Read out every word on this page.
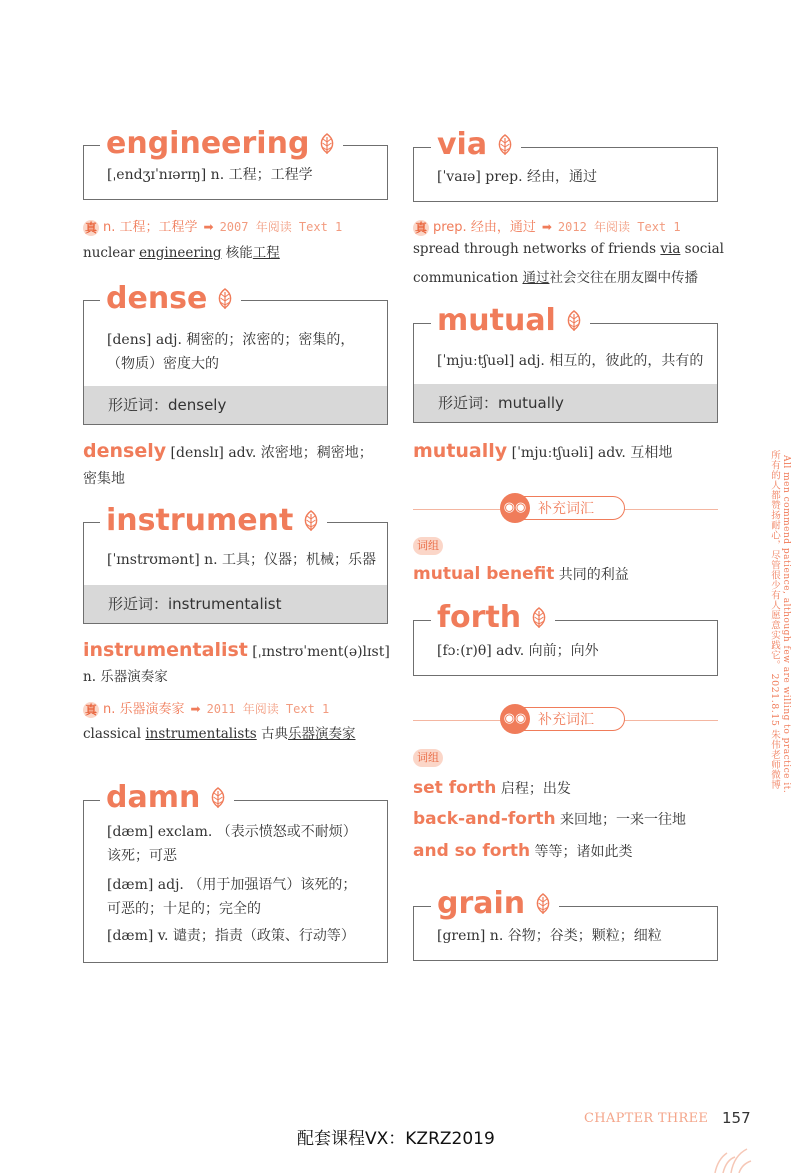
engineering
[ˌendʒɪˈnɪərɪŋ] n. 工程；工程学
真 n. 工程；工程学 ➡ 2007 年阅读 Text 1
nuclear engineering 核能工程
形近词：densely
dense
[dens] adj. 稠密的；浓密的；密集的，
（物质）密度大的
densely [denslɪ] adv. 浓密地；稠密地；
密集地
形近词：instrumentalist
instrument
[ˈɪnstrʊmənt] n. 工具；仪器；机械；乐器
instrumentalist [ˌɪnstrʊˈment(ə)lɪst]
n. 乐器演奏家
真 n. 乐器演奏家 ➡ 2011 年阅读 Text 1
classical instrumentalists 古典乐器演奏家
damn
[dæm] exclam. （表示愤怒或不耐烦）
该死；可恶
[dæm] adj. （用于加强语气）该死的；
可恶的；十足的；完全的
[dæm] v. 谴责；指责（政策、行动等）
via
[ˈvaɪə] prep. 经由，通过
真 prep. 经由，通过 ➡ 2012 年阅读 Text 1
spread through networks of friends via social
communication 通过社会交往在朋友圈中传播
形近词：mutually
mutual
[ˈmjuːtʃuəl] adj. 相互的，彼此的，共有的
mutually [ˈmjuːtʃuəli] adv. 互相地
◉◉ 补充词汇
词组
mutual benefit 共同的利益
forth
[fɔː(r)θ] adv. 向前；向外
◉◉ 补充词汇
词组
set forth 启程；出发
back-and-forth 来回地；一来一往地
and so forth 等等；诸如此类
grain
[greɪn] n. 谷物；谷类；颗粒；细粒
所有的人都赞扬耐心，尽管很少有人愿意实践它。 2021.8.15 朱伟老师微博 All men commend patience, although few are willing to practice it.
CHAPTER THREE 157
配套课程VX：KZRZ2019
